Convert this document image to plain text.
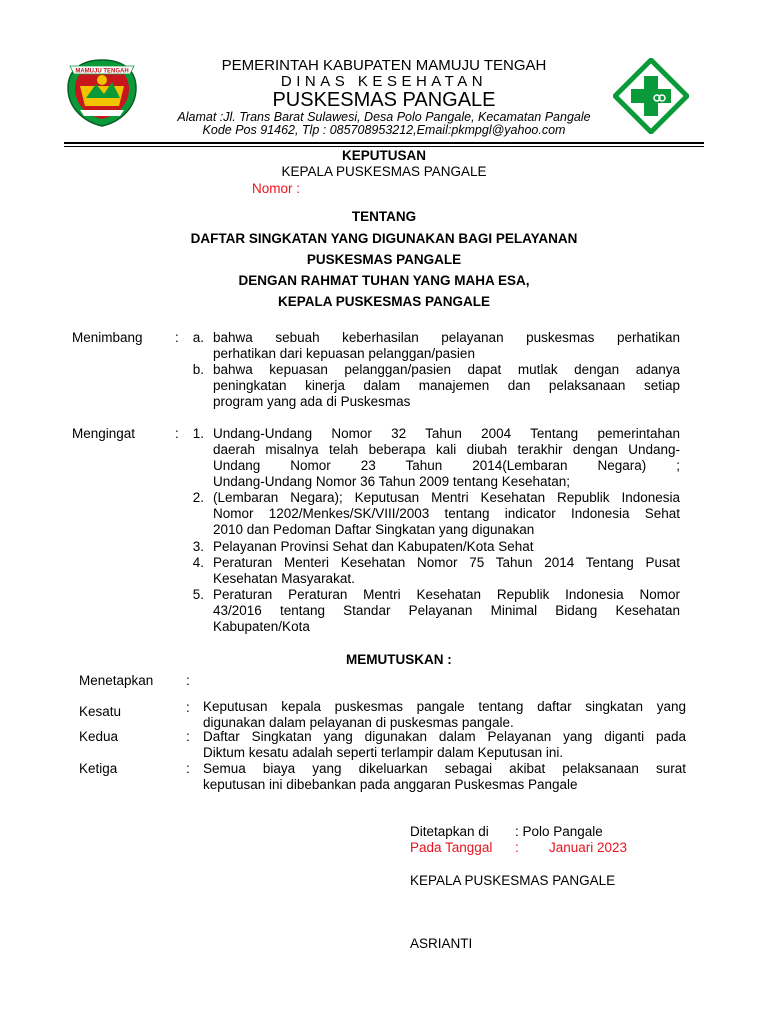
MAMUJU TENGAH	PEMERINTAH KABUPATEN MAMUJU TENGAH
DINAS KESEHATAN
PUSKESMAS PANGALE
Alamat :Jl. Trans Barat Sulawesi, Desa Polo Pangale, Kecamatan Pangale
Kode Pos 91462, Tlp : 085708953212,Email:pkmpgl@yahoo.com
KEPUTUSAN
KEPALA PUSKESMAS PANGALE
Nomor :
TENTANG
DAFTAR SINGKATAN YANG DIGUNAKAN BAGI PELAYANAN
PUSKESMAS PANGALE
DENGAN RAHMAT TUHAN YANG MAHA ESA,
KEPALA PUSKESMAS PANGALE
Menimbang :	a. bahwa sebuah keberhasilan pelayanan puskesmas perhatikan
perhatikan dari kepuasan pelanggan/pasien
b. bahwa kepuasan pelanggan/pasien dapat mutlak dengan adanya
peningkatan kinerja dalam manajemen dan pelaksanaan setiap
program yang ada di Puskesmas
Mengingat	:	1. Undang-Undang Nomor 32 Tahun 2004 Tentang pemerintahan
daerah misalnya telah beberapa kali diubah terakhir dengan Undang-
Undang Nomor 23 Tahun 2014(Lembaran Negara) ;
Undang-Undang Nomor 36 Tahun 2009 tentang Kesehatan;
2. (Lembaran Negara); Keputusan Mentri Kesehatan Republik Indonesia
Nomor 1202/Menkes/SK/VIII/2003 tentang indicator Indonesia Sehat
2010 dan Pedoman Daftar Singkatan yang digunakan
3. Pelayanan Provinsi Sehat dan Kabupaten/Kota Sehat
4. Peraturan Menteri Kesehatan Nomor 75 Tahun 2014 Tentang Pusat
Kesehatan Masyarakat.
5. Peraturan Peraturan Mentri Kesehatan Republik Indonesia Nomor
43/2016 tentang Standar Pelayanan Minimal Bidang Kesehatan
Kabupaten/Kota
MEMUTUSKAN :
Menetapkan :
Kesatu	: Keputusan kepala puskesmas pangale tentang daftar singkatan yang
digunakan dalam pelayanan di puskesmas pangale.
Kedua	: Daftar Singkatan yang digunakan dalam Pelayanan yang diganti pada
Diktum kesatu adalah seperti terlampir dalam Keputusan ini.
Ketiga	: Semua biaya yang dikeluarkan sebagai akibat pelaksanaan surat
keputusan ini dibebankan pada anggaran Puskesmas Pangale
Ditetapkan di : Polo Pangale
Pada Tanggal : Januari 2023
KEPALA PUSKESMAS PANGALE
ASRIANTI
